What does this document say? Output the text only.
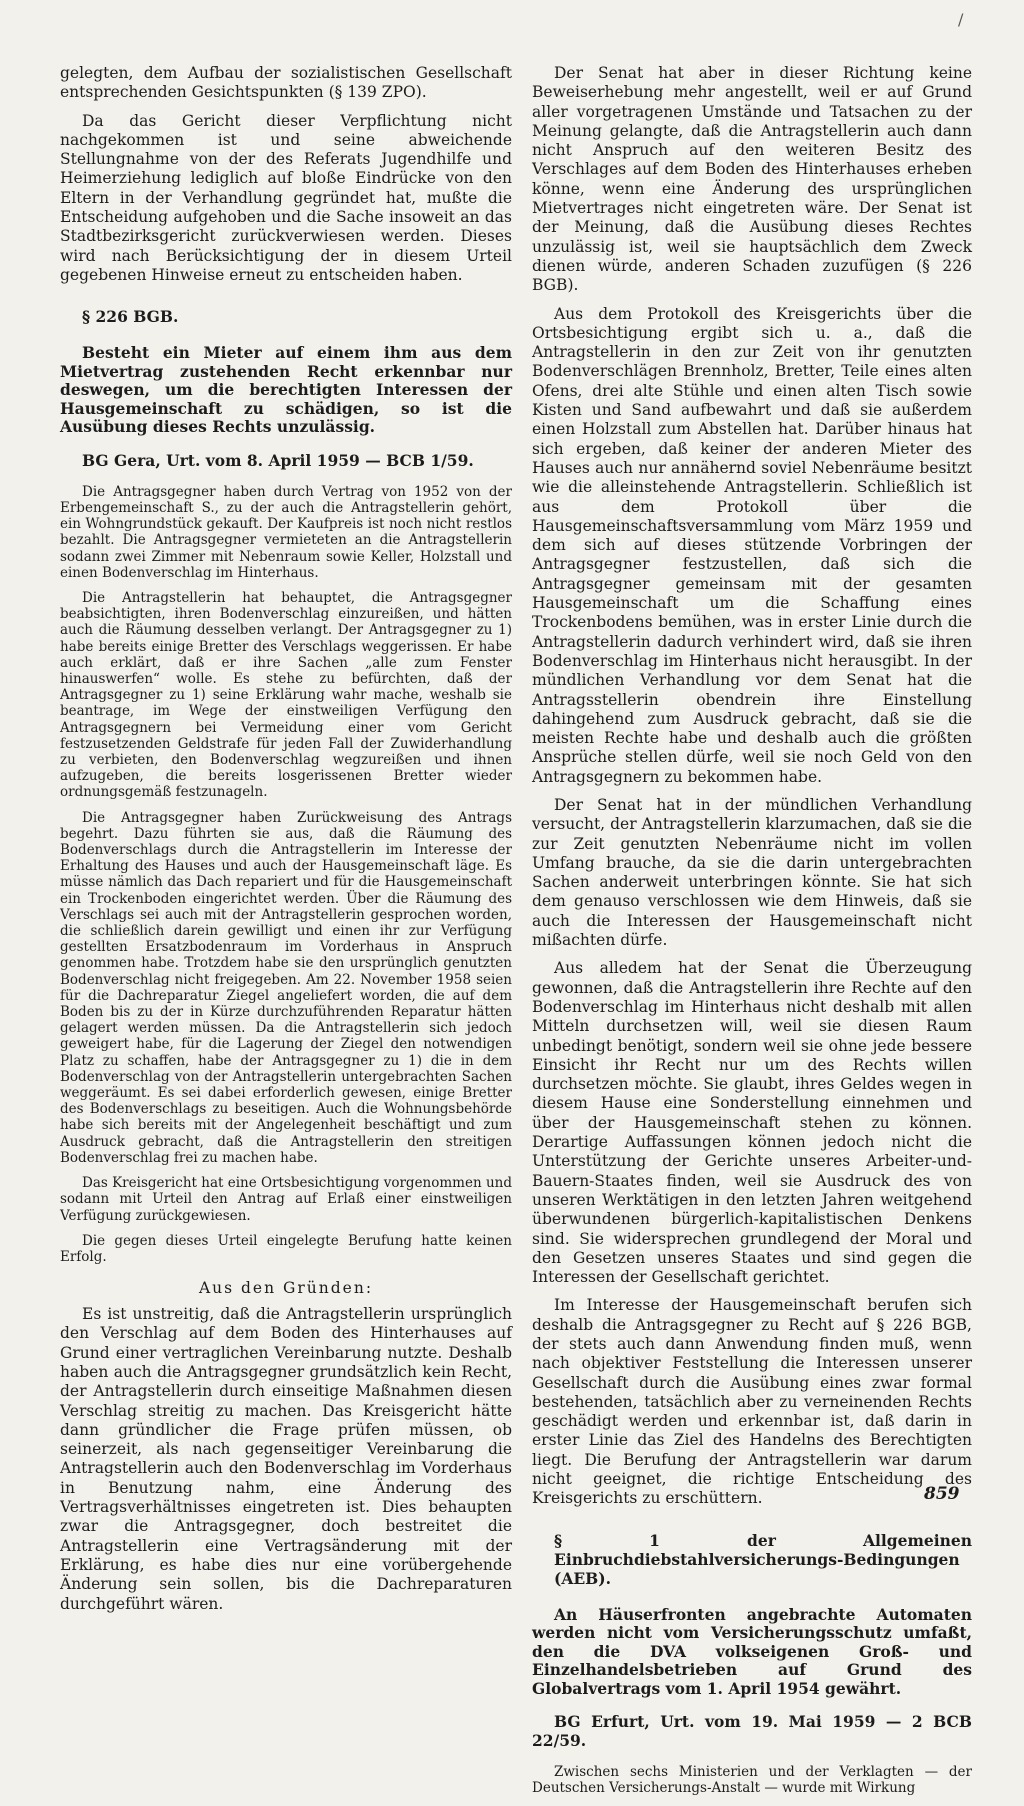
/

gelegten, dem Aufbau der sozialistischen Gesellschaft entsprechenden Gesichtspunkten (§ 139 ZPO).

Da das Gericht dieser Verpflichtung nicht nachgekommen ist und seine abweichende Stellungnahme von der des Referats Jugendhilfe und Heimerziehung lediglich auf bloße Eindrücke von den Eltern in der Verhandlung gegründet hat, mußte die Entscheidung aufgehoben und die Sache insoweit an das Stadtbezirksgericht zurückverwiesen werden. Dieses wird nach Berücksichtigung der in diesem Urteil gegebenen Hinweise erneut zu entscheiden haben.

§ 226 BGB.

Besteht ein Mieter auf einem ihm aus dem Mietvertrag zustehenden Recht erkennbar nur deswegen, um die berechtigten Interessen der Hausgemeinschaft zu schädigen, so ist die Ausübung dieses Rechts unzulässig.

BG Gera, Urt. vom 8. April 1959 — BCB 1/59.

Die Antragsgegner haben durch Vertrag von 1952 von der Erbengemeinschaft S., zu der auch die Antragstellerin gehört, ein Wohngrundstück gekauft. Der Kaufpreis ist noch nicht restlos bezahlt. Die Antragsgegner vermieteten an die Antragstellerin sodann zwei Zimmer mit Nebenraum sowie Keller, Holzstall und einen Bodenverschlag im Hinterhaus.

Die Antragstellerin hat behauptet, die Antragsgegner beabsichtigten, ihren Bodenverschlag einzureißen, und hätten auch die Räumung desselben verlangt. Der Antragsgegner zu 1) habe bereits einige Bretter des Verschlags weggerissen. Er habe auch erklärt, daß er ihre Sachen „alle zum Fenster hinauswerfen“ wolle. Es stehe zu befürchten, daß der Antragsgegner zu 1) seine Erklärung wahr mache, weshalb sie beantrage, im Wege der einstweiligen Verfügung den Antragsgegnern bei Vermeidung einer vom Gericht festzusetzenden Geldstrafe für jeden Fall der Zuwiderhandlung zu verbieten, den Bodenverschlag wegzureißen und ihnen aufzugeben, die bereits losgerissenen Bretter wieder ordnungsgemäß festzunageln.

Die Antragsgegner haben Zurückweisung des Antrags begehrt. Dazu führten sie aus, daß die Räumung des Bodenverschlags durch die Antragstellerin im Interesse der Erhaltung des Hauses und auch der Hausgemeinschaft läge. Es müsse nämlich das Dach repariert und für die Hausgemeinschaft ein Trockenboden eingerichtet werden. Über die Räumung des Verschlags sei auch mit der Antragstellerin gesprochen worden, die schließlich darein gewilligt und einen ihr zur Verfügung gestellten Ersatzbodenraum im Vorderhaus in Anspruch genommen habe. Trotzdem habe sie den ursprünglich genutzten Bodenverschlag nicht freigegeben. Am 22. November 1958 seien für die Dachreparatur Ziegel angeliefert worden, die auf dem Boden bis zu der in Kürze durchzuführenden Reparatur hätten gelagert werden müssen. Da die Antragstellerin sich jedoch geweigert habe, für die Lagerung der Ziegel den notwendigen Platz zu schaffen, habe der Antragsgegner zu 1) die in dem Bodenverschlag von der Antragstellerin untergebrachten Sachen weggeräumt. Es sei dabei erforderlich gewesen, einige Bretter des Bodenverschlags zu beseitigen. Auch die Wohnungsbehörde habe sich bereits mit der Angelegenheit beschäftigt und zum Ausdruck gebracht, daß die Antragstellerin den streitigen Bodenverschlag frei zu machen habe.

Das Kreisgericht hat eine Ortsbesichtigung vorgenommen und sodann mit Urteil den Antrag auf Erlaß einer einstweiligen Verfügung zurückgewiesen.

Die gegen dieses Urteil eingelegte Berufung hatte keinen Erfolg.

Aus den Gründen:

Es ist unstreitig, daß die Antragstellerin ursprünglich den Verschlag auf dem Boden des Hinterhauses auf Grund einer vertraglichen Vereinbarung nutzte. Deshalb haben auch die Antragsgegner grundsätzlich kein Recht, der Antragstellerin durch einseitige Maßnahmen diesen Verschlag streitig zu machen. Das Kreisgericht hätte dann gründlicher die Frage prüfen müssen, ob seinerzeit, als nach gegenseitiger Vereinbarung die Antragstellerin auch den Bodenverschlag im Vorderhaus in Benutzung nahm, eine Änderung des Vertragsverhältnisses eingetreten ist. Dies behaupten zwar die Antragsgegner, doch bestreitet die Antragstellerin eine Vertragsänderung mit der Erklärung, es habe dies nur eine vorübergehende Änderung sein sollen, bis die Dachreparaturen durchgeführt wären.

Der Senat hat aber in dieser Richtung keine Beweiserhebung mehr angestellt, weil er auf Grund aller vorgetragenen Umstände und Tatsachen zu der Meinung gelangte, daß die Antragstellerin auch dann nicht Anspruch auf den weiteren Besitz des Verschlages auf dem Boden des Hinterhauses erheben könne, wenn eine Änderung des ursprünglichen Mietvertrages nicht eingetreten wäre. Der Senat ist der Meinung, daß die Ausübung dieses Rechtes unzulässig ist, weil sie hauptsächlich dem Zweck dienen würde, anderen Schaden zuzufügen (§ 226 BGB).

Aus dem Protokoll des Kreisgerichts über die Ortsbesichtigung ergibt sich u. a., daß die Antragstellerin in den zur Zeit von ihr genutzten Bodenverschlägen Brennholz, Bretter, Teile eines alten Ofens, drei alte Stühle und einen alten Tisch sowie Kisten und Sand aufbewahrt und daß sie außerdem einen Holzstall zum Abstellen hat. Darüber hinaus hat sich ergeben, daß keiner der anderen Mieter des Hauses auch nur annähernd soviel Nebenräume besitzt wie die alleinstehende Antragstellerin. Schließlich ist aus dem Protokoll über die Hausgemeinschaftsversammlung vom März 1959 und dem sich auf dieses stützende Vorbringen der Antragsgegner festzustellen, daß sich die Antragsgegner gemeinsam mit der gesamten Hausgemeinschaft um die Schaffung eines Trockenbodens bemühen, was in erster Linie durch die Antragstellerin dadurch verhindert wird, daß sie ihren Bodenverschlag im Hinterhaus nicht herausgibt. In der mündlichen Verhandlung vor dem Senat hat die Antragsstellerin obendrein ihre Einstellung dahingehend zum Ausdruck gebracht, daß sie die meisten Rechte habe und deshalb auch die größten Ansprüche stellen dürfe, weil sie noch Geld von den Antragsgegnern zu bekommen habe.

Der Senat hat in der mündlichen Verhandlung versucht, der Antragstellerin klarzumachen, daß sie die zur Zeit genutzten Nebenräume nicht im vollen Umfang brauche, da sie die darin untergebrachten Sachen anderweit unterbringen könnte. Sie hat sich dem genauso verschlossen wie dem Hinweis, daß sie auch die Interessen der Hausgemeinschaft nicht mißachten dürfe.

Aus alledem hat der Senat die Überzeugung gewonnen, daß die Antragstellerin ihre Rechte auf den Bodenverschlag im Hinterhaus nicht deshalb mit allen Mitteln durchsetzen will, weil sie diesen Raum unbedingt benötigt, sondern weil sie ohne jede bessere Einsicht ihr Recht nur um des Rechts willen durchsetzen möchte. Sie glaubt, ihres Geldes wegen in diesem Hause eine Sonderstellung einnehmen und über der Hausgemeinschaft stehen zu können. Derartige Auffassungen können jedoch nicht die Unterstützung der Gerichte unseres Arbeiter-und-Bauern-Staates finden, weil sie Ausdruck des von unseren Werktätigen in den letzten Jahren weitgehend überwundenen bürgerlich-kapitalistischen Denkens sind. Sie widersprechen grundlegend der Moral und den Gesetzen unseres Staates und sind gegen die Interessen der Gesellschaft gerichtet.

Im Interesse der Hausgemeinschaft berufen sich deshalb die Antragsgegner zu Recht auf § 226 BGB, der stets auch dann Anwendung finden muß, wenn nach objektiver Feststellung die Interessen unserer Gesellschaft durch die Ausübung eines zwar formal bestehenden, tatsächlich aber zu verneinenden Rechts geschädigt werden und erkennbar ist, daß darin in erster Linie das Ziel des Handelns des Berechtigten liegt. Die Berufung der Antragstellerin war darum nicht geeignet, die richtige Entscheidung des Kreisgerichts zu erschüttern.

§ 1 der Allgemeinen Einbruchdiebstahlversicherungs-Bedingungen (AEB).

An Häuserfronten angebrachte Automaten werden nicht vom Versicherungsschutz umfaßt, den die DVA volkseigenen Groß- und Einzelhandelsbetrieben auf Grund des Globalvertrags vom 1. April 1954 gewährt.

BG Erfurt, Urt. vom 19. Mai 1959 — 2 BCB 22/59.

Zwischen sechs Ministerien und der Verklagten — der Deutschen Versicherungs-Anstalt — wurde mit Wirkung

859
